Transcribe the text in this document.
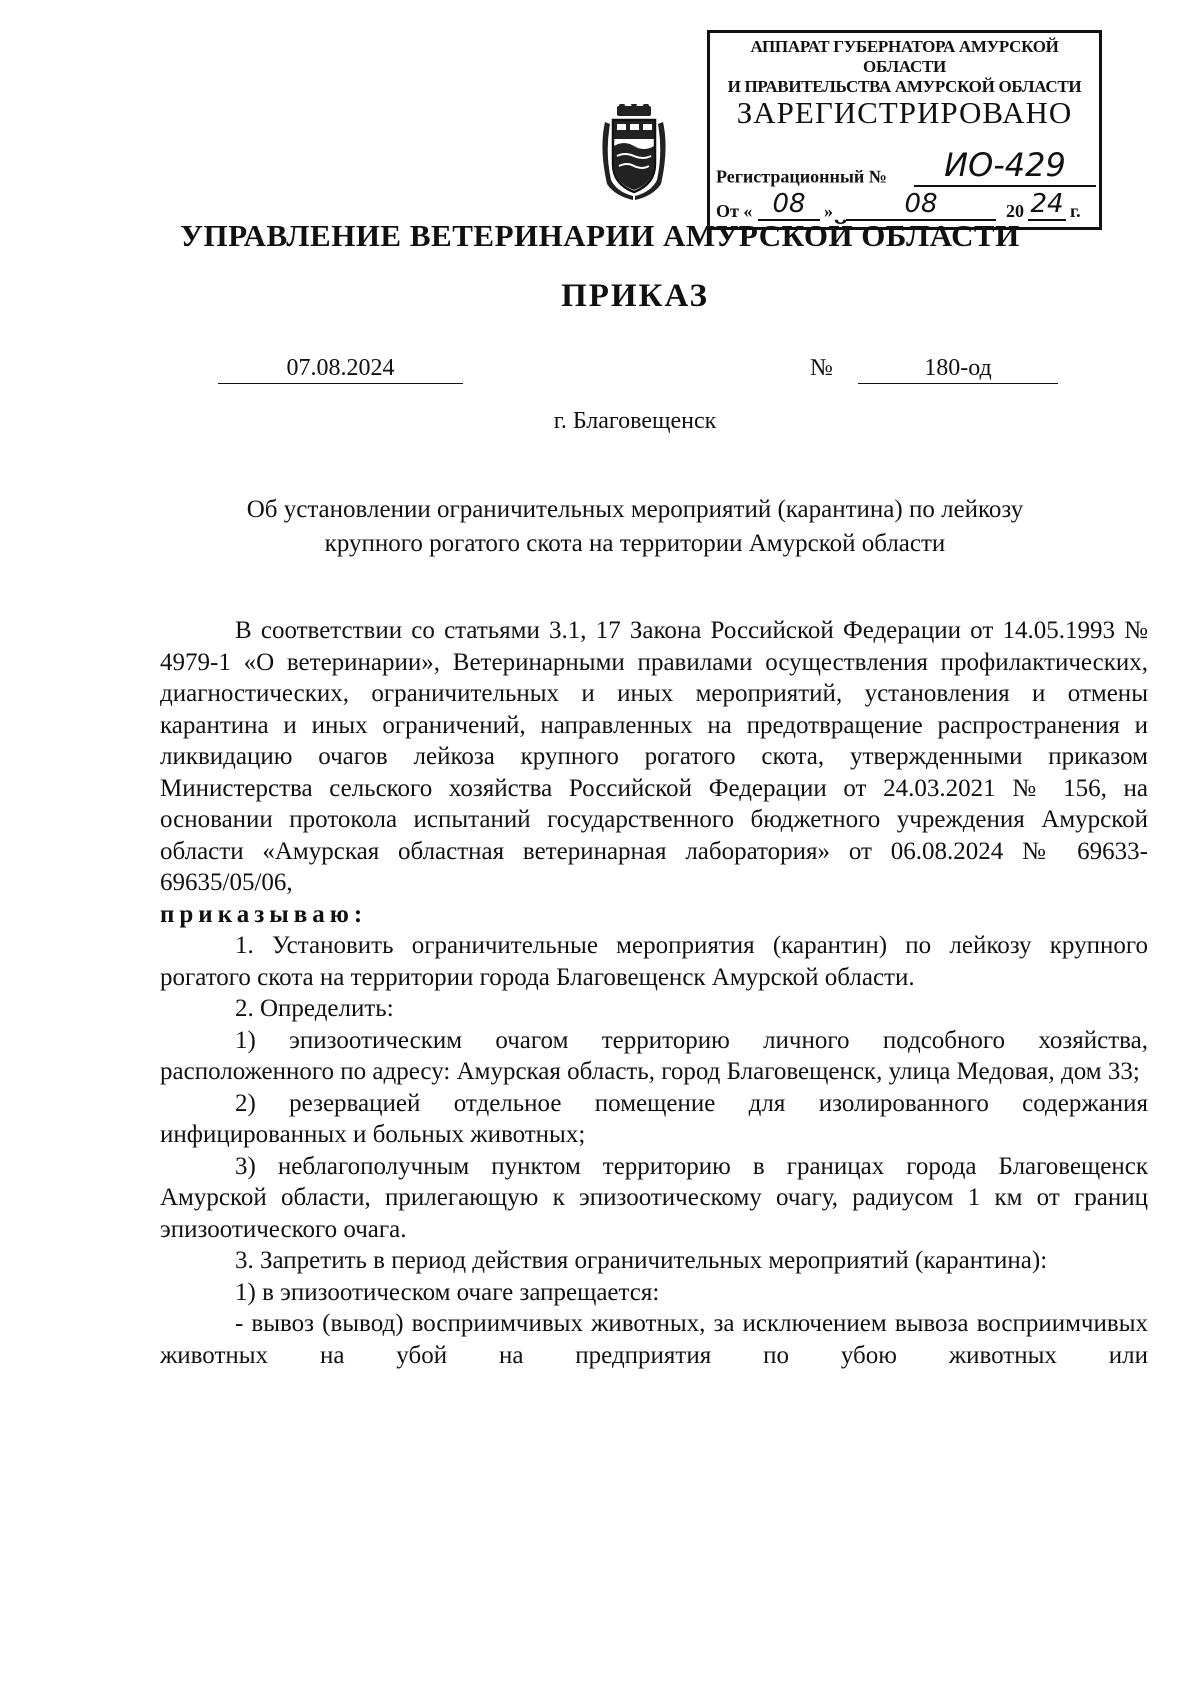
АППАРАТ ГУБЕРНАТОРА АМУРСКОЙ ОБЛАСТИ
И ПРАВИТЕЛЬСТВА АМУРСКОЙ ОБЛАСТИ
ЗАРЕГИСТРИРОВАНО
Регистрационный №	ИО-429
От « 08	»	08	20 24 г.
УПРАВЛЕНИЕ ВЕТЕРИНАРИИ АМУРСКОЙ ОБЛАСТИ
ПРИКАЗ
07.08.2024	№	180-од
г. Благовещенск
Об установлении ограничительных мероприятий (карантина) по лейкозу
крупного рогатого скота на территории Амурской области

В соответствии со статьями 3.1, 17 Закона Российской Федерации от 14.05.1993 № 4979-1 «О ветеринарии», Ветеринарными правилами осуществления профилактических, диагностических, ограничительных и иных мероприятий, установления и отмены карантина и иных ограничений, направленных на предотвращение распространения и ликвидацию очагов лейкоза крупного рогатого скота, утвержденными приказом Министерства сельского хозяйства Российской Федерации от 24.03.2021 № 156, на основании протокола испытаний государственного бюджетного учреждения Амурской области «Амурская областная ветеринарная лаборатория» от 06.08.2024 № 69633-69635/05/06,

приказываю:

1. Установить ограничительные мероприятия (карантин) по лейкозу крупного рогатого скота на территории города Благовещенск Амурской области.

2. Определить:

1) эпизоотическим очагом территорию личного подсобного хозяйства, расположенного по адресу: Амурская область, город Благовещенск, улица Медовая, дом 33;

2) резервацией отдельное помещение для изолированного содержания инфицированных и больных животных;

3) неблагополучным пунктом территорию в границах города Благовещенск Амурской области, прилегающую к эпизоотическому очагу, радиусом 1 км от границ эпизоотического очага.

3. Запретить в период действия ограничительных мероприятий (карантина):

1) в эпизоотическом очаге запрещается:

- вывоз (вывод) восприимчивых животных, за исключением вывоза восприимчивых животных на убой на предприятия по убою животных или
